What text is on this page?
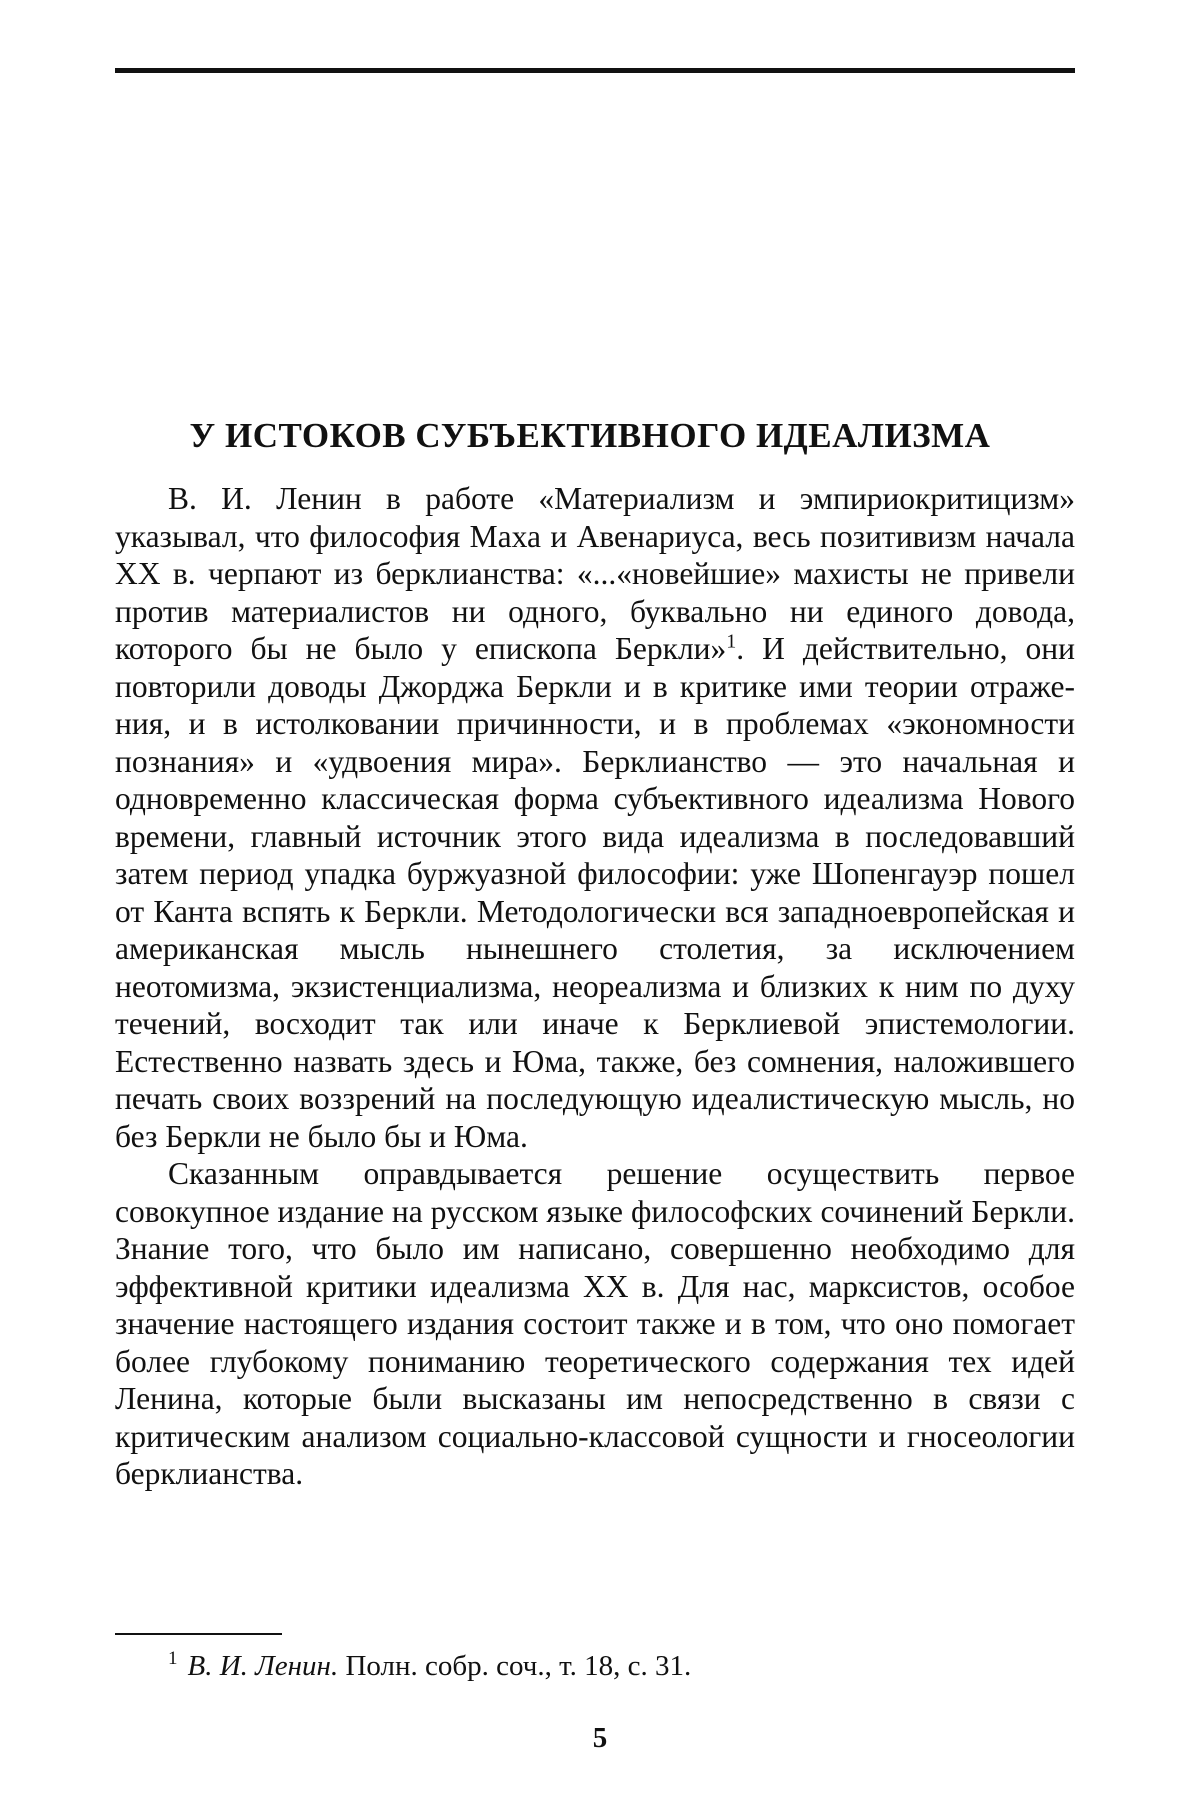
У ИСТОКОВ СУБЪЕКТИВНОГО ИДЕАЛИЗМА

В. И. Ленин в работе «Материализм и эмпириокритицизм» указывал, что философия Маха и Авенариуса, весь позитивизм начала XX в. черпают из берклианства: «...«новейшие» махисты не привели против материалистов ни одного, буквально ни единого довода, которого бы не было у епископа Беркли»$^1$. И действительно, они повторили доводы Джорджа Беркли и в критике ими теории отражения, и в истолковании причинности, и в проблемах «экономности познания» и «удвоения мира». Берклианство — это начальная и одновременно классическая форма субъективного идеализма Нового времени, главный источник этого вида идеализма в последовавший затем период упадка буржуазной философии: уже Шопенгауэр пошел от Канта вспять к Беркли. Методологически вся западноевропейская и американская мысль нынешнего столетия, за исключением неотомизма, экзистенциализма, неореализма и близких к ним по духу течений, восходит так или иначе к Берклиевой эпистемологии. Естественно назвать здесь и Юма, также, без сомнения, наложившего печать своих воззрений на последующую идеалистическую мысль, но без Беркли не было бы и Юма.

Сказанным оправдывается решение осуществить первое совокупное издание на русском языке философских сочинений Беркли. Знание того, что было им написано, совершенно необходимо для эффективной критики идеализма XX в. Для нас, марксистов, особое значение настоящего издания состоит также и в том, что оно помогает более глубокому пониманию теоретического содержания тех идей Ленина, которые были высказаны им непосредственно в связи с критическим анализом социально-классовой сущности и гносеологии берклианства.

$^1$ В. И. Ленин. Полн. собр. соч., т. 18, с. 31.
5
